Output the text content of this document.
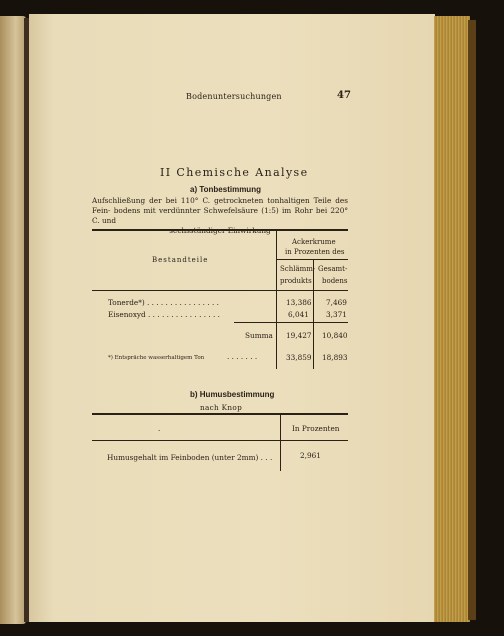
Bodenuntersuchungen	47
II Chemische Analyse
a) Tonbestimmung
Aufschließung der bei 110° C. getrockneten tonhaltigen Teile des Fein- bodens mit verdünnter Schwefelsäure (1:5) im Rohr bei 220° C. und
Bestandteile
Ackerkrume
in Prozenten des
Schlämm-
produkts
Gesamt-
bodens
Tonerde*) . . . . . . . . . . . . . . . .	13,386 7,469
Eisenoxyd . . . . . . . . . . . . . . . .	6,041 3,371
Summa 19,427 10,840
*) Entspräche wasserhaltigem Ton	. . . . . . .	33,859 18,893
b) Humusbestimmung
nach Knop
.	In Prozenten
Humusgehalt im Feinboden (unter 2mm) . . .	2,961
